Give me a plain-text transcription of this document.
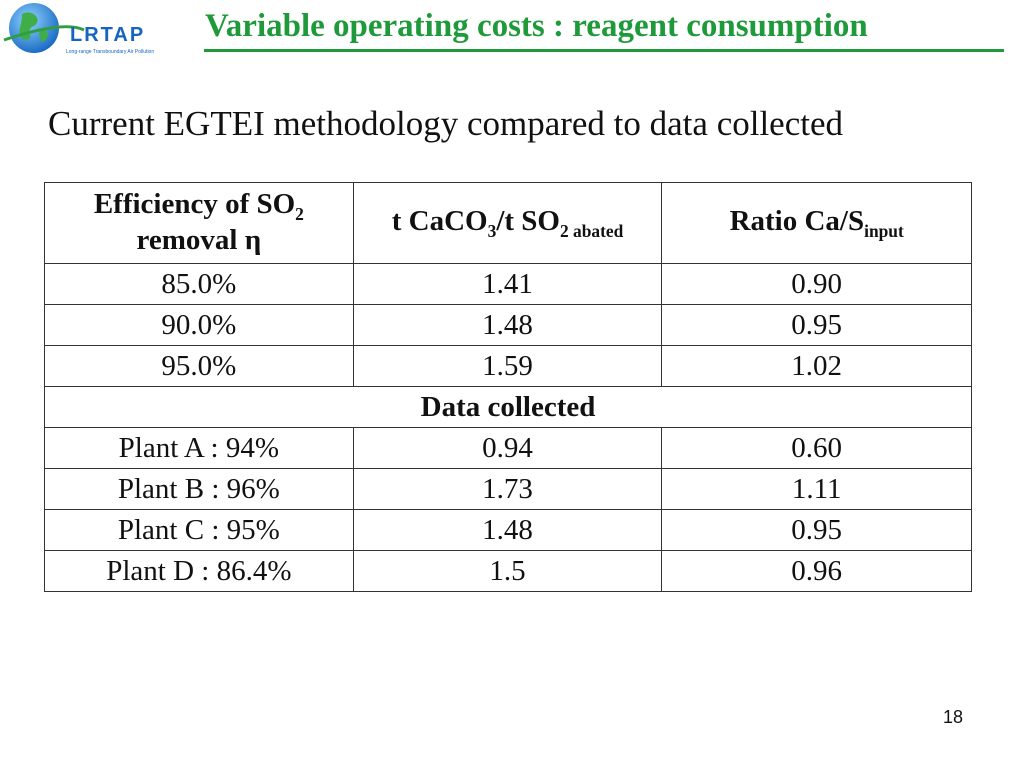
LRTAP
Long-range Transboundary Air Pollution
Variable operating costs : reagent consumption
Current EGTEI methodology compared to data collected
Efficiency of $SO_2$
removal η	t CaCO$_3$/t $SO_{2 abated}$	Ratio $Ca/S_{input}$
85.0%	1.41	0.90
90.0%	1.48	0.95
95.0%	1.59	1.02
Data collected		
Plant A : 94%	0.94	0.60
Plant B : 96%	1.73	1.11
Plant C : 95%	1.48	0.95
Plant D : 86.4%	1.5	0.96
18
